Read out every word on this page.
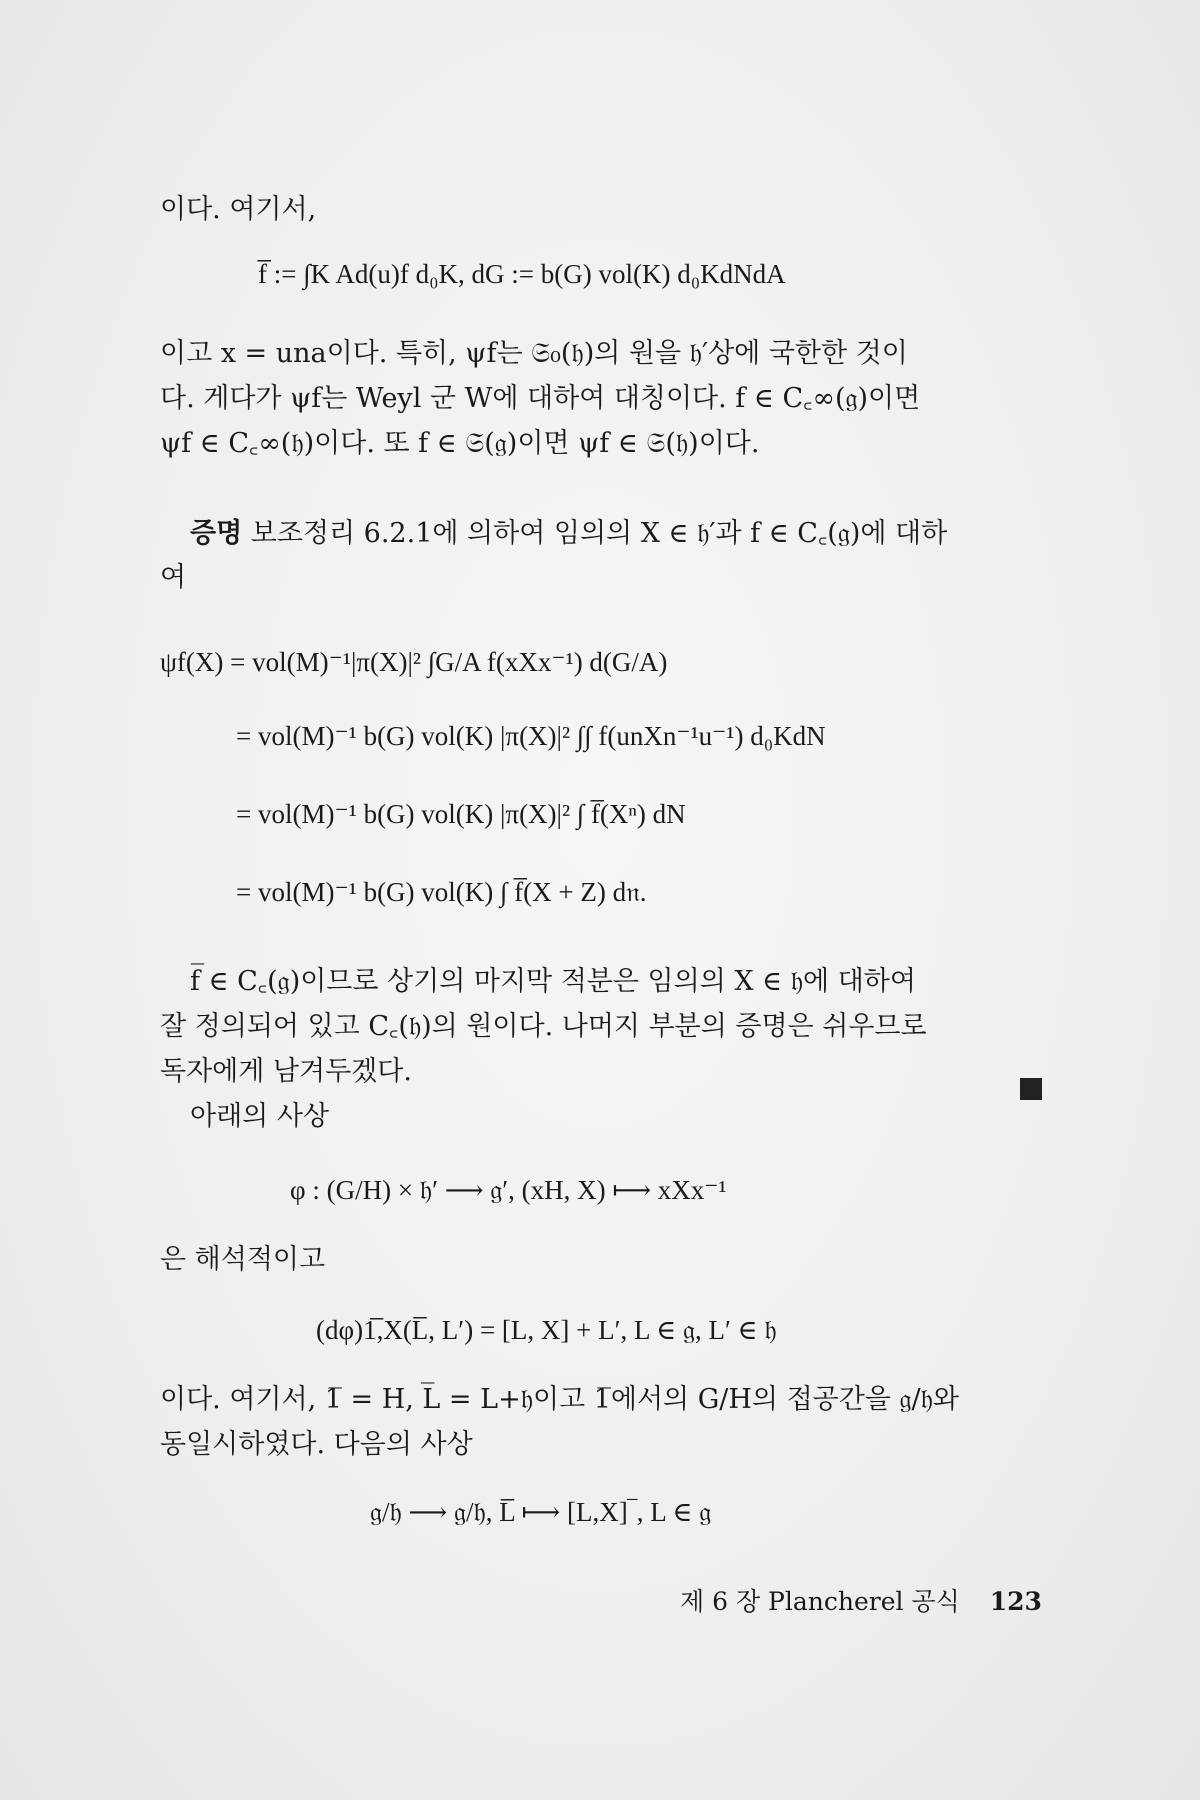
이다. 여기서,
f̅ := ∫K Ad(u)f d₀K, dG := b(G) vol(K) d₀KdNdA
이고 x = una이다. 특히, ψf는 𝔖₀(𝔥)의 원을 𝔥′상에 국한한 것이
다. 게다가 ψf는 Weyl 군 W에 대하여 대칭이다. f ∈ C꜀∞(𝔤)이면
ψf ∈ C꜀∞(𝔥)이다. 또 f ∈ 𝔖(𝔤)이면 ψf ∈ 𝔖(𝔥)이다.
증명 보조정리 6.2.1에 의하여 임의의 X ∈ 𝔥′과 f ∈ C꜀(𝔤)에 대하
여
ψf(X) = vol(M)⁻¹|π(X)|² ∫G/A f(xXx⁻¹) d(G/A)
= vol(M)⁻¹ b(G) vol(K) |π(X)|² ∫∫ f(unXn⁻¹u⁻¹) d₀KdN
= vol(M)⁻¹ b(G) vol(K) |π(X)|² ∫ f̅(Xⁿ) dN
= vol(M)⁻¹ b(G) vol(K) ∫ f̅(X + Z) d𝔫.
f̅ ∈ C꜀(𝔤)이므로 상기의 마지막 적분은 임의의 X ∈ 𝔥에 대하여
잘 정의되어 있고 C꜀(𝔥)의 원이다. 나머지 부분의 증명은 쉬우므로
독자에게 남겨두겠다.
아래의 사상
φ : (G/H) × 𝔥′ ⟶ 𝔤′, (xH, X) ⟼ xXx⁻¹
은 해석적이고
(dφ)1̅,X(L̅, L′) = [L, X] + L′, L ∈ 𝔤, L′ ∈ 𝔥
이다. 여기서, 1̅ = H, L̅ = L+𝔥이고 1̅에서의 G/H의 접공간을 𝔤/𝔥와
동일시하였다. 다음의 사상
𝔤/𝔥 ⟶ 𝔤/𝔥, L̅ ⟼ [L,X]‾, L ∈ 𝔤
제 6 장 Plancherel 공식 123
